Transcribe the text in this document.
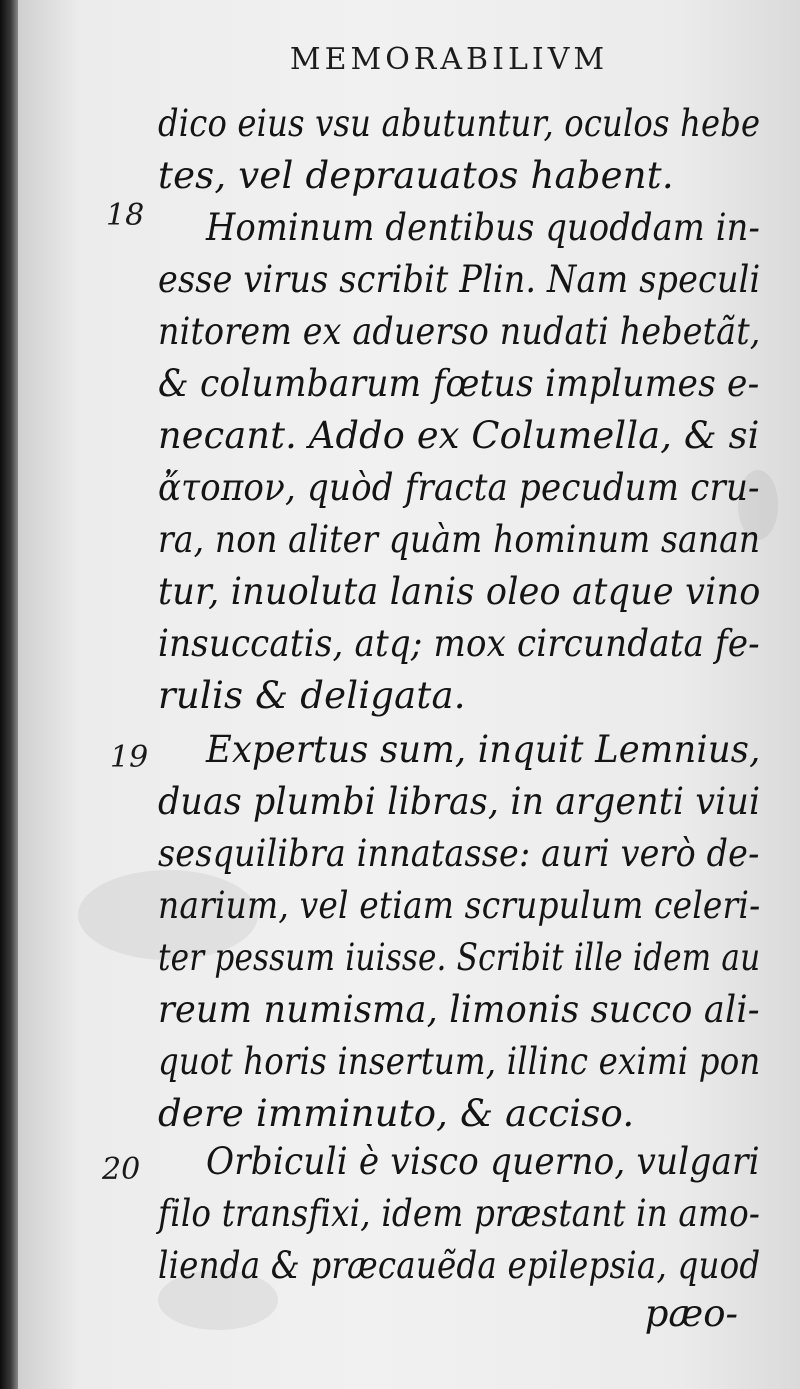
MEMORABILIVM
dico eius vsu abutuntur, oculos hebe
tes, vel deprauatos habent.
18 Hominum dentibus quoddam in-
esse virus scribit Plin. Nam speculi
nitorem ex aduerso nudati hebetãt,
& columbarum fœtus implumes e-
necant. Addo ex Columella, & si
ἄτοπον, quòd fracta pecudum cru-
ra, non aliter quàm hominum sanan
tur, inuoluta lanis oleo atque vino
insuccatis, atq; mox circundata fe-
rulis & deligata.
19 Expertus sum, inquit Lemnius,
duas plumbi libras, in argenti viui
sesquilibra innatasse: auri verò de-
narium, vel etiam scrupulum celeri-
ter pessum iuisse. Scribit ille idem au
reum numisma, limonis succo ali-
quot horis insertum, illinc eximi pon
dere imminuto, & acciso.
20 Orbiculi è visco querno, vulgari
filo transfixi, idem præstant in amo-
lienda & præcauẽda epilepsia, quod
pæo-
